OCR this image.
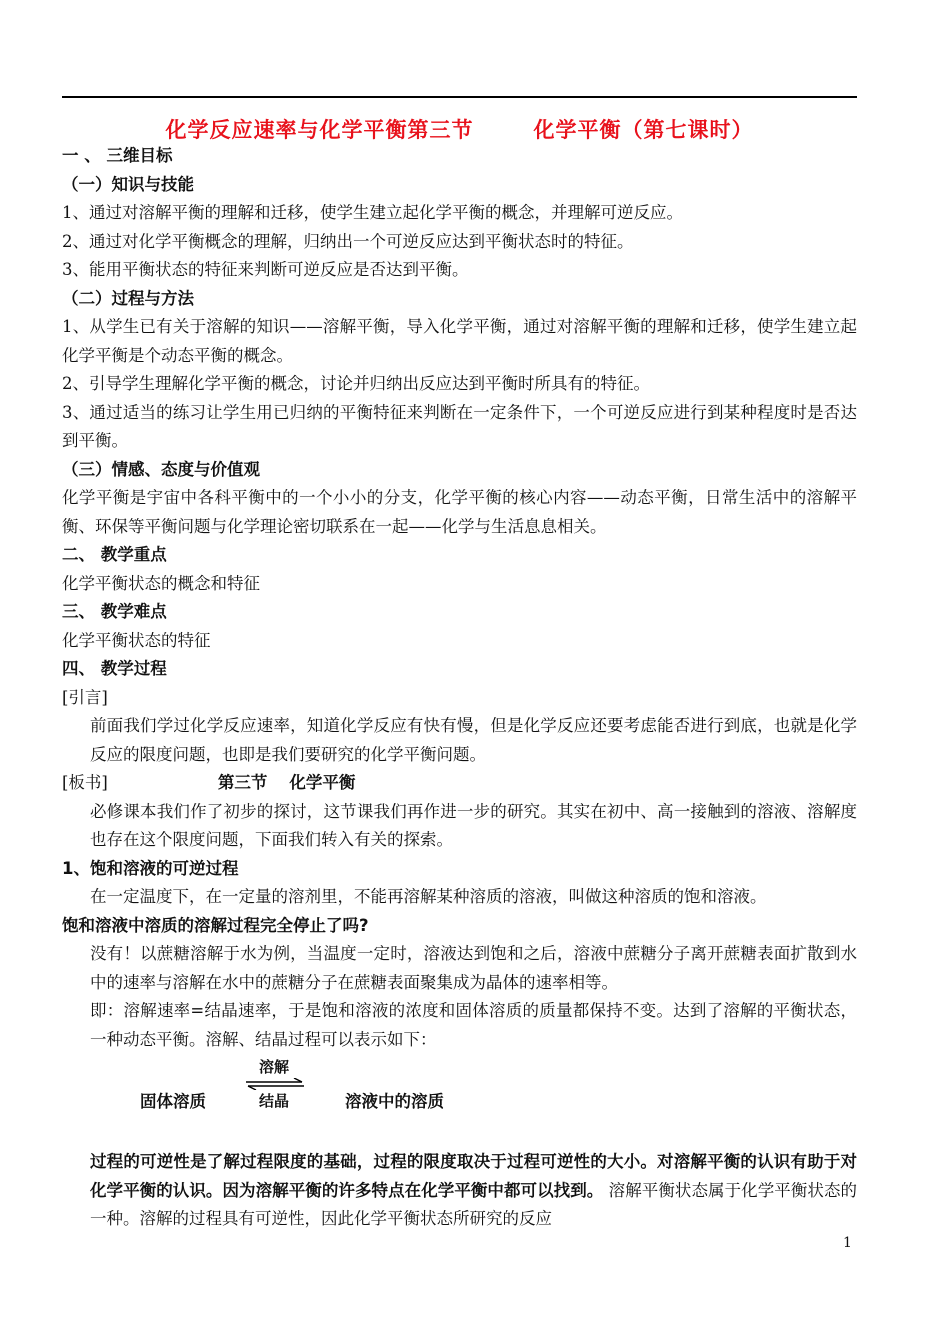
化学反应速率与化学平衡第三节	化学平衡（第七课时）
一 、 三维目标
（一）知识与技能
1、通过对溶解平衡的理解和迁移，使学生建立起化学平衡的概念，并理解可逆反应。
2、通过对化学平衡概念的理解，归纳出一个可逆反应达到平衡状态时的特征。
3、能用平衡状态的特征来判断可逆反应是否达到平衡。
（二）过程与方法
1、从学生已有关于溶解的知识——溶解平衡，导入化学平衡，通过对溶解平衡的理解和迁移，使学生建立起化学平衡是个动态平衡的概念。
2、引导学生理解化学平衡的概念，讨论并归纳出反应达到平衡时所具有的特征。
3、通过适当的练习让学生用已归纳的平衡特征来判断在一定条件下，一个可逆反应进行到某种程度时是否达到平衡。
（三）情感、态度与价值观
化学平衡是宇宙中各科平衡中的一个小小的分支，化学平衡的核心内容——动态平衡，日常生活中的溶解平衡、环保等平衡问题与化学理论密切联系在一起——化学与生活息息相关。
二、 教学重点
化学平衡状态的概念和特征
三、 教学难点
化学平衡状态的特征
四、 教学过程
[引言]
前面我们学过化学反应速率，知道化学反应有快有慢，但是化学反应还要考虑能否进行到底，也就是化学反应的限度问题，也即是我们要研究的化学平衡问题。
[板书]	第三节 化学平衡
必修课本我们作了初步的探讨，这节课我们再作进一步的研究。其实在初中、高一接触到的溶液、溶解度也存在这个限度问题，下面我们转入有关的探索。
1、饱和溶液的可逆过程
在一定温度下，在一定量的溶剂里，不能再溶解某种溶质的溶液，叫做这种溶质的饱和溶液。
饱和溶液中溶质的溶解过程完全停止了吗?
没有！以蔗糖溶解于水为例，当温度一定时，溶液达到饱和之后，溶液中蔗糖分子离开蔗糖表面扩散到水中的速率与溶解在水中的蔗糖分子在蔗糖表面聚集成为晶体的速率相等。
即：溶解速率=结晶速率，于是饱和溶液的浓度和固体溶质的质量都保持不变。达到了溶解的平衡状态，一种动态平衡。溶解、结晶过程可以表示如下：
固体溶质
溶解
结晶	溶液中的溶质
过程的可逆性是了解过程限度的基础，过程的限度取决于过程可逆性的大小。对溶解平衡的认识有助于对化学平衡的认识。因为溶解平衡的许多特点在化学平衡中都可以找到。 溶解平衡状态属于化学平衡状态的一种。溶解的过程具有可逆性，因此化学平衡状态所研究的反应
1
